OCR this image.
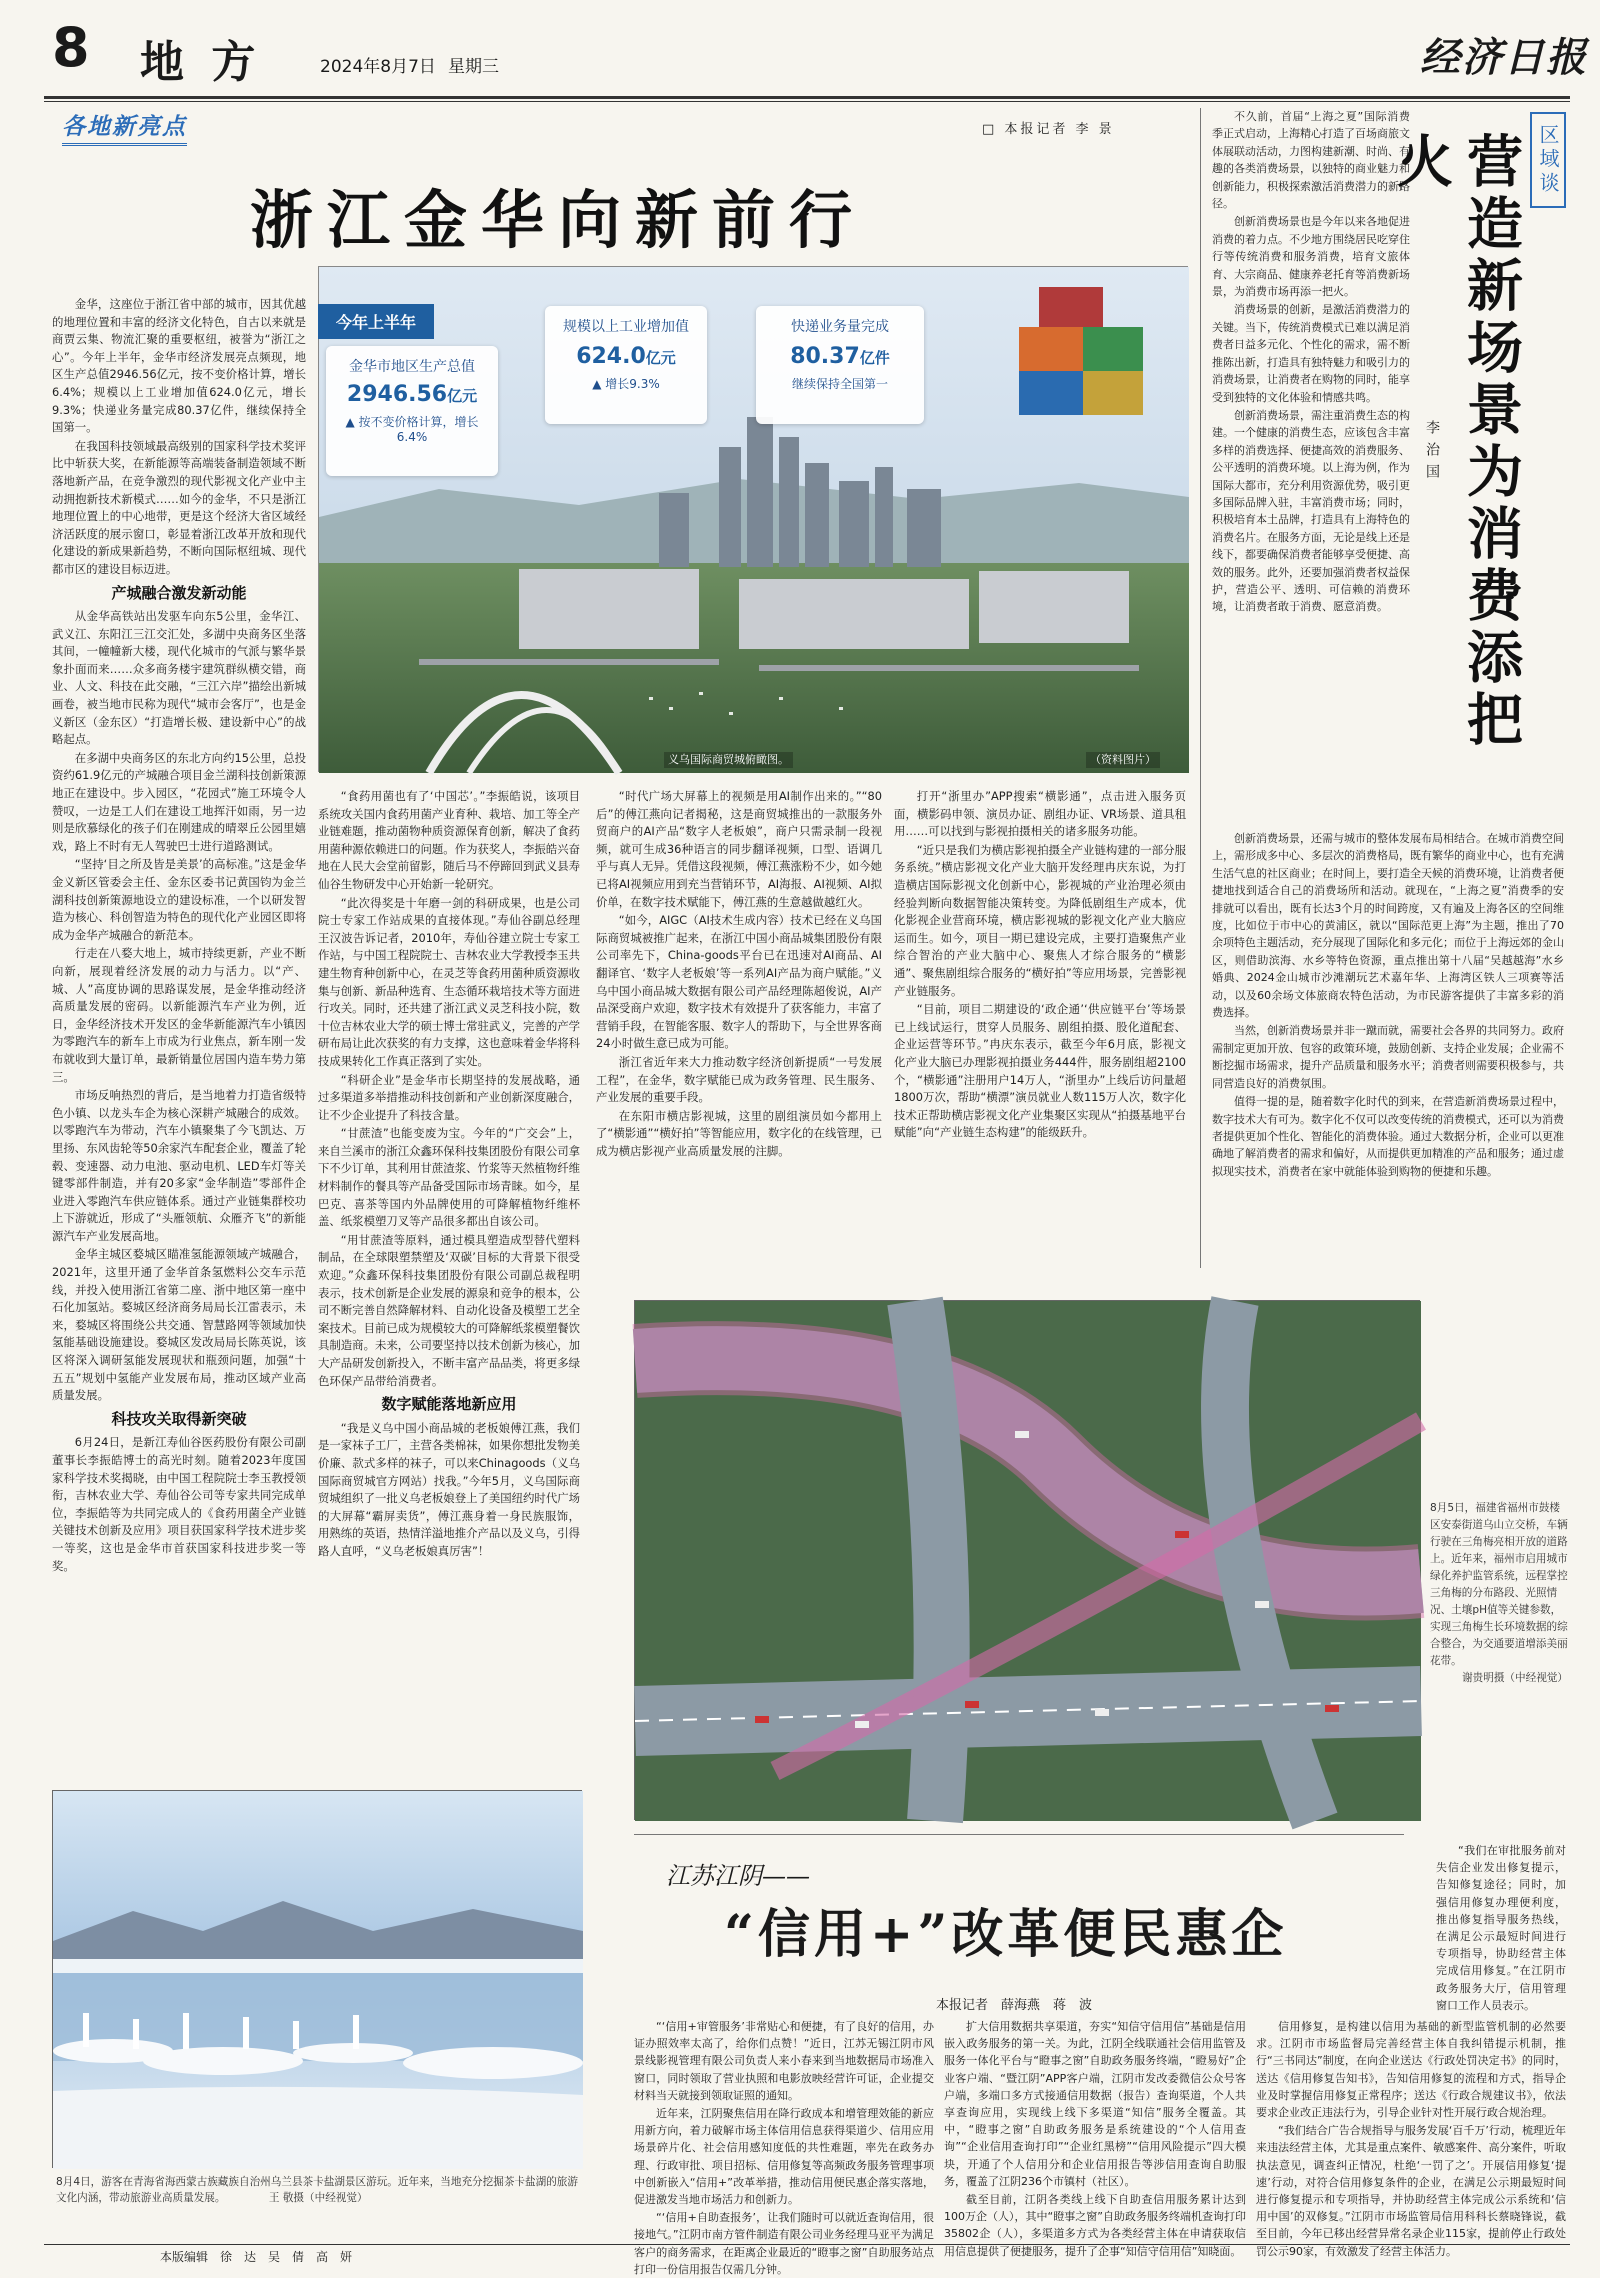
8 地 方	2024年8月7日 星期三	经济日报
各地新亮点	□ 本报记者 李 景
浙江金华向新前行
今年上半年
金华市地区生产总值
2946.56亿元
▲ 按不变价格计算，增长6.4%
规模以上工业增加值
624.0亿元
▲ 增长9.3%
快递业务量完成
80.37亿件
继续保持全国第一
义乌国际商贸城俯瞰图。	（资料图片）

金华，这座位于浙江省中部的城市，因其优越的地理位置和丰富的经济文化特色，自古以来就是商贾云集、物流汇聚的重要枢纽，被誉为“浙江之心”。今年上半年，金华市经济发展亮点频现，地区生产总值2946.56亿元，按不变价格计算，增长6.4%；规模以上工业增加值624.0亿元，增长9.3%；快递业务量完成80.37亿件，继续保持全国第一。

在我国科技领域最高级别的国家科学技术奖评比中斩获大奖，在新能源等高端装备制造领域不断落地新产品，在竞争激烈的现代影视文化产业中主动拥抱新技术新模式……如今的金华，不只是浙江地理位置上的中心地带，更是这个经济大省区域经济活跃度的展示窗口，彰显着浙江改革开放和现代化建设的新成果新趋势，不断向国际枢纽城、现代都市区的建设目标迈进。

产城融合激发新动能

从金华高铁站出发驱车向东5公里，金华江、武义江、东阳江三江交汇处，多湖中央商务区坐落其间，一幢幢新大楼，现代化城市的气派与繁华景象扑面而来……众多商务楼宇建筑群纵横交错，商业、人文、科技在此交融，“三江六岸”描绘出新城画卷，被当地市民称为现代“城市会客厅”，也是金义新区（金东区）“打造增长极、建设新中心”的战略起点。

在多湖中央商务区的东北方向约15公里，总投资约61.9亿元的产城融合项目金兰湖科技创新策源地正在建设中。步入园区，“花园式”施工环境令人赞叹，一边是工人们在建设工地挥汗如雨，另一边则是欣慕绿化的孩子们在刚建成的晴翠丘公园里嬉戏，路上不时有无人驾驶巴士进行道路测试。

“坚持‘目之所及皆是美景’的高标准。”这是金华金义新区管委会主任、金东区委书记黄国钧为金兰湖科技创新策源地设立的建设标准，一个以研发智造为核心、科创智造为特色的现代化产业园区即将成为金华产城融合的新范本。

行走在八婺大地上，城市持续更新，产业不断向新，展现着经济发展的动力与活力。以“产、城、人”高度协调的思路谋发展，是金华推动经济高质量发展的密码。以新能源汽车产业为例，近日，金华经济技术开发区的金华新能源汽车小镇因为零跑汽车的新车上市成为行业焦点，新车刚一发布就收到大量订单，最新销量位居国内造车势力第三。

市场反响热烈的背后，是当地着力打造省级特色小镇、以龙头车企为核心深耕产城融合的成效。以零跑汽车为带动，汽车小镇聚集了今飞凯达、万里扬、东风齿轮等50余家汽车配套企业，覆盖了轮毂、变速器、动力电池、驱动电机、LED车灯等关键零部件制造，并有20多家“金华制造”零部件企业进入零跑汽车供应链体系。通过产业链集群校功上下游就近，形成了“头雁领航、众雁齐飞”的新能源汽车产业发展高地。

金华主城区婺城区瞄准氢能源领域产城融合，2021年，这里开通了金华首条氢燃料公交车示范线，并投入使用浙江省第二座、浙中地区第一座中石化加氢站。婺城区经济商务局局长江雷表示，未来，婺城区将围绕公共交通、智慧路网等领域加快氢能基础设施建设。婺城区发改局局长陈英说，该区将深入调研氢能发展现状和瓶颈问题，加强“十五五”规划中氢能产业发展布局，推动区域产业高质量发展。

科技攻关取得新突破

6月24日，是新江寿仙谷医药股份有限公司副董事长李振皓博士的高光时刻。随着2023年度国家科学技术奖揭晓，由中国工程院院士李玉教授领衔，吉林农业大学、寿仙谷公司等专家共同完成单位，李振皓等为共同完成人的《食药用菌全产业链关键技术创新及应用》项目获国家科学技术进步奖一等奖，这也是金华市首获国家科技进步奖一等奖。

“食药用菌也有了‘中国芯’。”李振皓说，该项目系统攻关国内食药用菌产业育种、栽培、加工等全产业链难题，推动菌物种质资源保育创新，解决了食药用菌种源依赖进口的问题。作为获奖人，李振皓兴奋地在人民大会堂前留影，随后马不停蹄回到武义县寿仙谷生物研发中心开始新一轮研究。

“此次得奖是十年磨一剑的科研成果，也是公司院士专家工作站成果的直接体现。”寿仙谷副总经理王汉波告诉记者，2010年，寿仙谷建立院士专家工作站，与中国工程院院士、吉林农业大学教授李玉共建生物育种创新中心，在灵芝等食药用菌种质资源收集与创新、新品种选育、生态循环栽培技术等方面进行攻关。同时，还共建了浙江武义灵芝科技小院，数十位吉林农业大学的硕士博士常驻武义，完善的产学研布局让此次获奖的有力支撑，这也意味着金华将科技成果转化工作真正落到了实处。

“科研企业”是金华市长期坚持的发展战略，通过多渠道多举措推动科技创新和产业创新深度融合，让不少企业提升了科技含量。

“甘蔗渣”也能变废为宝。今年的“广交会”上，来自兰溪市的浙江众鑫环保科技集团股份有限公司拿下不少订单，其利用甘蔗渣浆、竹浆等天然植物纤维材料制作的餐具等产品备受国际市场青睐。如今，星巴克、喜茶等国内外品牌使用的可降解植物纤维杯盖、纸浆模塑刀叉等产品很多都出自该公司。

“用甘蔗渣等原料，通过模具塑造成型替代塑料制品，在全球限塑禁塑及‘双碳’目标的大背景下很受欢迎。”众鑫环保科技集团股份有限公司副总裁程明表示，技术创新是企业发展的源泉和竞争的根本，公司不断完善自然降解材料、自动化设备及模塑工艺全案技术。目前已成为规模较大的可降解纸浆模塑餐饮具制造商。未来，公司要坚持以技术创新为核心，加大产品研发创新投入，不断丰富产品品类，将更多绿色环保产品带给消费者。

数字赋能落地新应用

“我是义乌中国小商品城的老板娘傅江燕，我们是一家袜子工厂，主营各类棉袜，如果你想批发物美价廉、款式多样的袜子，可以来Chinagoods（义乌国际商贸城官方网站）找我。”今年5月，义乌国际商贸城组织了一批义乌老板娘登上了美国纽约时代广场的大屏幕“霸屏卖货”，傅江燕身着一身民族服饰，用熟练的英语，热情洋溢地推介产品以及义乌，引得路人直呼，“义乌老板娘真厉害”！

“时代广场大屏幕上的视频是用AI制作出来的。”“80后”的傅江燕向记者揭秘，这是商贸城推出的一款服务外贸商户的AI产品“数字人老板娘”，商户只需录制一段视频，就可生成36种语言的同步翻译视频，口型、语调几乎与真人无异。凭借这段视频，傅江燕涨粉不少，如今她已将AI视频应用到充当营销环节，AI海报、AI视频、AI拟价单，在数字技术赋能下，傅江燕的生意越做越红火。

“如今，AIGC（AI技术生成内容）技术已经在义乌国际商贸城被推广起来，在浙江中国小商品城集团股份有限公司率先下，China-goods平台已在迅速对AI商品、AI翻译官、‘数字人老板娘’等一系列AI产品为商户赋能。”义乌中国小商品城大数据有限公司产品经理陈超俊说，AI产品深受商户欢迎，数字技术有效提升了获客能力，丰富了营销手段，在智能客服、数字人的帮助下，与全世界客商24小时做生意已成为可能。

浙江省近年来大力推动数字经济创新提质“一号发展工程”，在金华，数字赋能已成为政务管理、民生服务、产业发展的重要手段。

在东阳市横店影视城，这里的剧组演员如今都用上了“横影通”“横好拍”等智能应用，数字化的在线管理，已成为横店影视产业高质量发展的注脚。

打开“浙里办”APP搜索“横影通”，点击进入服务页面，横影码申领、演员办证、剧组办证、VR场景、道具租用……可以找到与影视拍摄相关的诸多服务功能。

“近只是我们为横店影视拍摄全产业链构建的一部分服务系统。”横店影视文化产业大脑开发经理冉庆东说，为打造横店国际影视文化创新中心，影视城的产业治理必须由经验判断向数据智能决策转变。为降低剧组生产成本，优化影视企业营商环境，横店影视城的影视文化产业大脑应运而生。如今，项目一期已建设完成，主要打造聚焦产业综合智治的产业大脑中心、聚焦人才综合服务的“横影通”、聚焦剧组综合服务的“横好拍”等应用场景，完善影视产业链服务。

“目前，项目二期建设的‘政企通’‘供应链平台’等场景已上线试运行，贯穿人员服务、剧组拍摄、股化道配套、企业运营等环节。”冉庆东表示，截至今年6月底，影视文化产业大脑已办理影视拍摄业务444件，服务剧组超2100个，“横影通”注册用户14万人，“浙里办”上线后访问量超1800万次，帮助“横漂”演员就业人数115万人次，数字化技术正帮助横店影视文化产业集聚区实现从“拍摄基地平台赋能”向“产业链生态构建”的能级跃升。

不久前，首届“上海之夏”国际消费季正式启动，上海精心打造了百场商旅文体展联动活动，力图构建新潮、时尚、有趣的各类消费场景，以独特的商业魅力和创新能力，积极探索激活消费潜力的新路径。

创新消费场景也是今年以来各地促进消费的着力点。不少地方围绕居民吃穿住行等传统消费和服务消费，培育文旅体育、大宗商品、健康养老托育等消费新场景，为消费市场再添一把火。

消费场景的创新，是激活消费潜力的关键。当下，传统消费模式已难以满足消费者日益多元化、个性化的需求，需不断推陈出新，打造具有独特魅力和吸引力的消费场景，让消费者在购物的同时，能享受到独特的文化体验和情感共鸣。

创新消费场景，需注重消费生态的构建。一个健康的消费生态，应该包含丰富多样的消费选择、便捷高效的消费服务、公平透明的消费环境。以上海为例，作为国际大都市，充分利用资源优势，吸引更多国际品牌入驻，丰富消费市场；同时，积极培育本土品牌，打造具有上海特色的消费名片。在服务方面，无论是线上还是线下，都要确保消费者能够享受便捷、高效的服务。此外，还要加强消费者权益保护，营造公平、透明、可信赖的消费环境，让消费者敢于消费、愿意消费。

区域谈
营造新场景为消费添把火
李治国

创新消费场景，还需与城市的整体发展布局相结合。在城市消费空间上，需形成多中心、多层次的消费格局，既有繁华的商业中心，也有充满生活气息的社区商业；在时间上，要打造全天候的消费环境，让消费者便捷地找到适合自己的消费场所和活动。就现在，“上海之夏”消费季的安排就可以看出，既有长达3个月的时间跨度，又有遍及上海各区的空间维度，比如位于市中心的黄浦区，就以“国际范更上海”为主题，推出了70余项特色主题活动，充分展现了国际化和多元化；而位于上海远郊的金山区，则借助滨海、水乡等特色资源，重点推出第十八届“吴越越海”水乡婚典、2024金山城市沙滩潮玩艺术嘉年华、上海湾区铁人三项赛等活动，以及60余场文体旅商农特色活动，为市民游客提供了丰富多彩的消费选择。

当然，创新消费场景并非一蹴而就，需要社会各界的共同努力。政府需制定更加开放、包容的政策环境，鼓励创新、支持企业发展；企业需不断挖掘市场需求，提升产品质量和服务水平；消费者则需要积极参与，共同营造良好的消费氛围。

值得一提的是，随着数字化时代的到来，在营造新消费场景过程中，数字技术大有可为。数字化不仅可以改变传统的消费模式，还可以为消费者提供更加个性化、智能化的消费体验。通过大数据分析，企业可以更准确地了解消费者的需求和偏好，从而提供更加精准的产品和服务；通过虚拟现实技术，消费者在家中就能体验到购物的便捷和乐趣。

8月5日，福建省福州市鼓楼区安泰街道乌山立交桥，车辆行驶在三角梅亮相开放的道路上。近年来，福州市启用城市绿化养护监管系统，远程掌控三角梅的分布路段、光照情况、土壤pH值等关键参数，实现三角梅生长环境数据的综合整合，为交通要道增添美丽花带。
谢贵明摄（中经视觉）
8月4日，游客在青海省海西蒙古族藏族自治州乌兰县茶卡盐湖景区游玩。近年来，当地充分挖掘茶卡盐湖的旅游文化内涵，带动旅游业高质量发展。	王 敬摄（中经视觉）
江苏江阴——
“信用+”改革便民惠企
本报记者　薛海燕　蒋　波

“‘信用+审管服务’非常贴心和便捷，有了良好的信用，办证办照效率太高了，给你们点赞！”近日，江苏无锡江阴市风景线影视管理有限公司负责人来小春来到当地数据局市场准入窗口，同时领取了营业执照和电影放映经营许可证，企业提交材料当天就接到领取证照的通知。

近年来，江阴聚焦信用在降行政成本和增管理效能的新应用新方向，着力破解市场主体信用信息获得渠道少、信用应用场景碎片化、社会信用感知度低的共性难题，率先在政务办理、行政审批、项目招标、信用修复等高频政务服务管理事项中创新嵌入“信用+”改革举措，推动信用便民惠企落实落地，促进激发当地市场活力和创新力。

“‘信用+自助查报务’，让我们随时可以就近查询信用，很接地气。”江阴市南方管件制造有限公司业务经理马亚平为满足客户的商务需求，在距离企业最近的“瞪事之窗”自助服务站点打印一份信用报告仅需几分钟。

扩大信用数据共享渠道，夯实“知信守信用信”基础是信用嵌入政务服务的第一关。为此，江阴全线联通社会信用监管及服务一体化平台与“瞪事之窗”自助政务服务终端，“瞪易好”企业客户端、“暨江阴”APP客户端，江阴市发改委微信公众号客户端，多端口多方式接通信用数据（报告）查询渠道，个人共享查询应用，实现线上线下多渠道“知信”服务全覆盖。其中，“瞪事之窗”自助政务服务是系统建设的“个人信用查询”“企业信用查询打印”“企业红黑榜”“信用风险提示”四大模块，开通了个人信用分和企业信用报告等涉信用查询自助服务，覆盖了江阴236个市镇村（社区）。

截至目前，江阴各类线上线下自助查信用服务累计达到100万企（人），其中“瞪事之窗”自助政务服务终端机查询打印35802企（人），多渠道多方式为各类经营主体在申请获取信用信息提供了便捷服务，提升了企事“知信守信用信”知晓面。

“我们在审批服务前对失信企业发出修复提示，告知修复途径；同时，加强信用修复办理便利度，推出修复指导服务热线，在满足公示最短时间进行专项指导，协助经营主体完成信用修复。”在江阴市政务服务大厅，信用管理窗口工作人员表示。

信用修复，是构建以信用为基础的新型监管机制的必然要求。江阴市市场监督局完善经营主体自我纠错提示机制，推行“三书同达”制度，在向企业送达《行政处罚决定书》的同时，送达《信用修复告知书》，告知信用修复的流程和方式，指导企业及时掌握信用修复正常程序；送达《行政合规建议书》，依法要求企业改正违法行为，引导企业针对性开展行政合规治理。

“我们结合广告合规指导与服务发展‘百千万’行动，梳理近年来违法经营主体，尤其是重点案件、敏感案件、高分案件，听取执法意见，调查纠正情况，杜绝‘一罚了之’。开展信用修复‘提速’行动，对符合信用修复条件的企业，在满足公示期最短时间进行修复提示和专项指导，并协助经营主体完成公示系统和‘信用中国’的双修复。”江阴市市场监管局信用科科长蔡晓锋说，截至目前，今年已移出经营异常名录企业115家，提前停止行政处罚公示90家，有效激发了经营主体活力。

本版编辑　徐　达　吴　倩　高　妍
